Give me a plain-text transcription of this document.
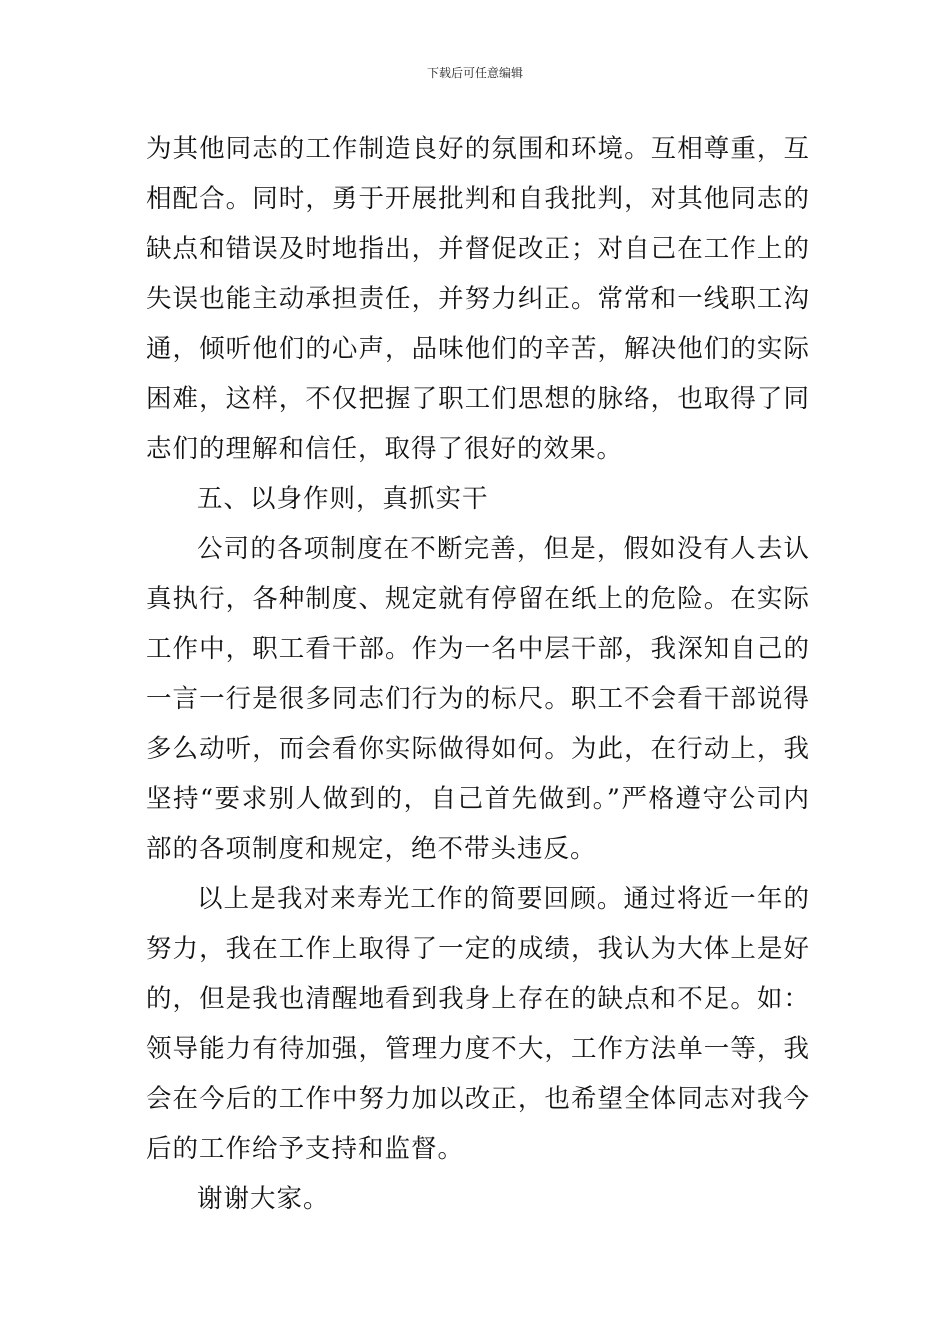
下载后可任意编辑

为其他同志的工作制造良好的氛围和环境。互相尊重，互相配合。同时，勇于开展批判和自我批判，对其他同志的缺点和错误及时地指出，并督促改正；对自己在工作上的失误也能主动承担责任，并努力纠正。常常和一线职工沟通，倾听他们的心声，品味他们的辛苦，解决他们的实际困难，这样，不仅把握了职工们思想的脉络，也取得了同志们的理解和信任，取得了很好的效果。

五、以身作则，真抓实干

公司的各项制度在不断完善，但是，假如没有人去认真执行，各种制度、规定就有停留在纸上的危险。在实际工作中，职工看干部。作为一名中层干部，我深知自己的一言一行是很多同志们行为的标尺。职工不会看干部说得多么动听，而会看你实际做得如何。为此，在行动上，我坚持“要求别人做到的，自己首先做到。”严格遵守公司内部的各项制度和规定，绝不带头违反。

以上是我对来寿光工作的简要回顾。通过将近一年的努力，我在工作上取得了一定的成绩，我认为大体上是好的，但是我也清醒地看到我身上存在的缺点和不足。如：领导能力有待加强，管理力度不大，工作方法单一等，我会在今后的工作中努力加以改正，也希望全体同志对我今后的工作给予支持和监督。

谢谢大家。
